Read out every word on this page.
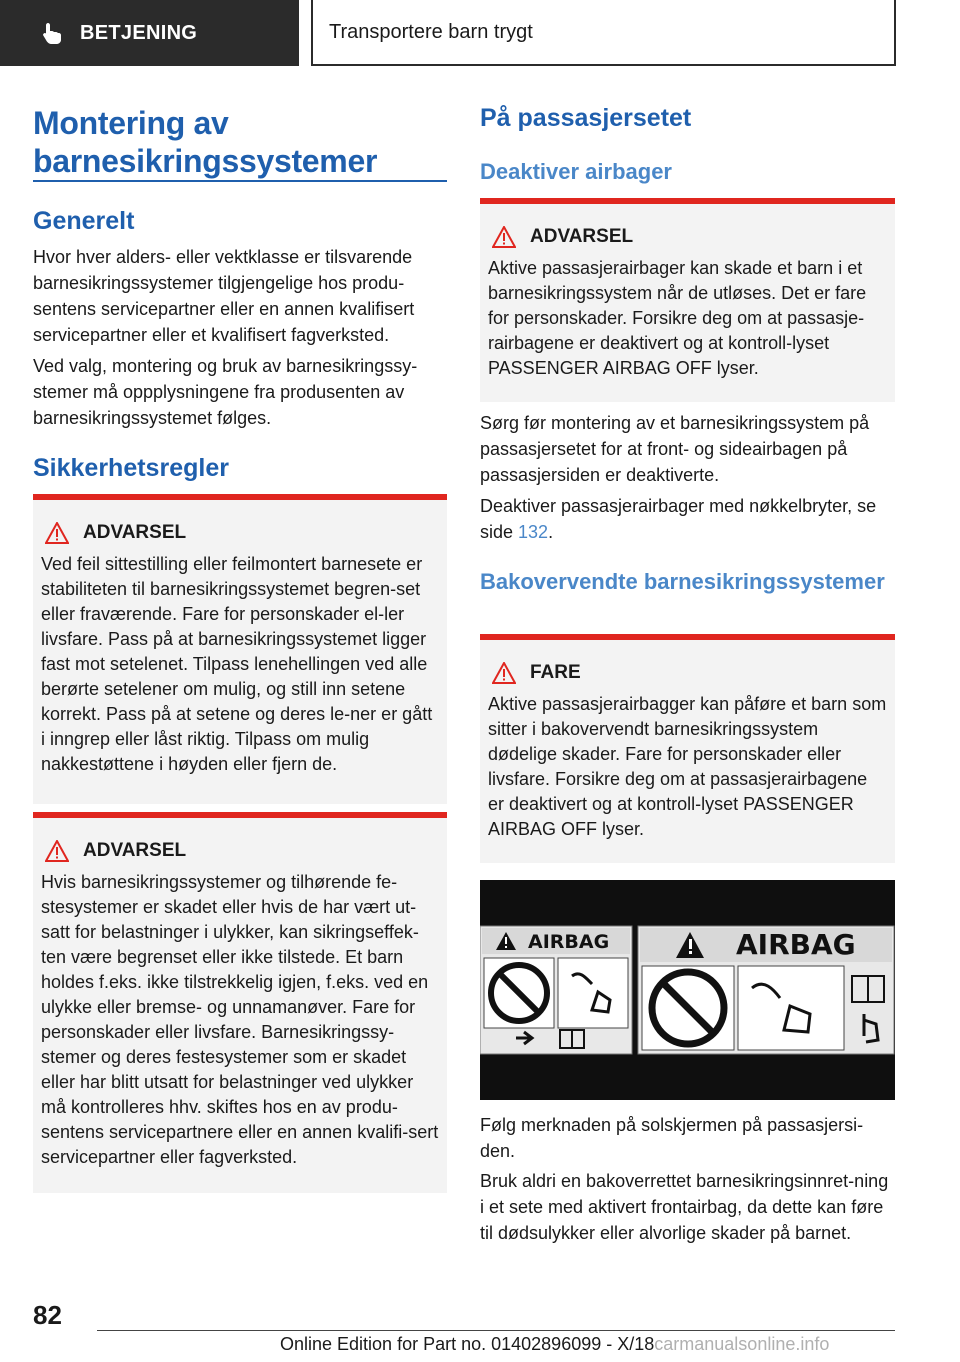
BETJENING	Transportere barn trygt
Montering av barnesikringssystemer
Generelt

Hvor hver alders- eller vektklasse er tilsvarende barnesikringssystemer tilgjengelige hos produ-sentens servicepartner eller en annen kvalifisert servicepartner eller et kvalifisert fagverksted.

Ved valg, montering og bruk av barnesikringssy-stemer må oppplysningene fra produsenten av barnesikringssystemet følges.

Sikkerhetsregler
ADVARSEL
Ved feil sittestilling eller feilmontert barnesete er stabiliteten til barnesikringssystemet begren-set eller fraværende. Fare for personskader el-ler livsfare. Pass på at barnesikringssystemet ligger fast mot setelenet. Tilpass lenehellingen ved alle berørte setelener om mulig, og still inn setene korrekt. Pass på at setene og deres le-ner er gått i inngrep eller låst riktig. Tilpass om mulig nakkestøttene i høyden eller fjern de.
ADVARSEL
Hvis barnesikringssystemer og tilhørende fe-stesystemer er skadet eller hvis de har vært ut-satt for belastninger i ulykker, kan sikringseffek-ten være begrenset eller ikke tilstede. Et barn holdes f.eks. ikke tilstrekkelig igjen, f.eks. ved en ulykke eller bremse- og unnamanøver. Fare for personskader eller livsfare. Barnesikringssy-stemer og deres festesystemer som er skadet eller har blitt utsatt for belastninger ved ulykker må kontrolleres hhv. skiftes hos en av produ-sentens servicepartnere eller en annen kvalifi-sert servicepartner eller fagverksted.
På passasjersetet
Deaktiver airbager
ADVARSEL
Aktive passasjerairbager kan skade et barn i et barnesikringssystem når de utløses. Det er fare for personskader. Forsikre deg om at passasje-rairbagene er deaktivert og at kontroll-lyset PASSENGER AIRBAG OFF lyser.

Sørg før montering av et barnesikringssystem på passasjersetet for at front- og sideairbagen på passasjersiden er deaktiverte.

Deaktiver passasjerairbager med nøkkelbryter, se side 132.

Bakovervendte barnesikringssystemer
FARE
Aktive passasjerairbagger kan påføre et barn som sitter i bakovervendt barnesikringssystem dødelige skader. Fare for personskader eller livsfare. Forsikre deg om at passasjerairbagene er deaktivert og at kontroll-lyset PASSENGER AIRBAG OFF lyser.
AIRBAG	AIRBAG

Følg merknaden på solskjermen på passasjersi-den.

Bruk aldri en bakoverrettet barnesikringsinnret-ning i et sete med aktivert frontairbag, da dette kan føre til dødsulykker eller alvorlige skader på barnet.

82
Online Edition for Part no. 01402896099 - X/18carmanualsonline.info
